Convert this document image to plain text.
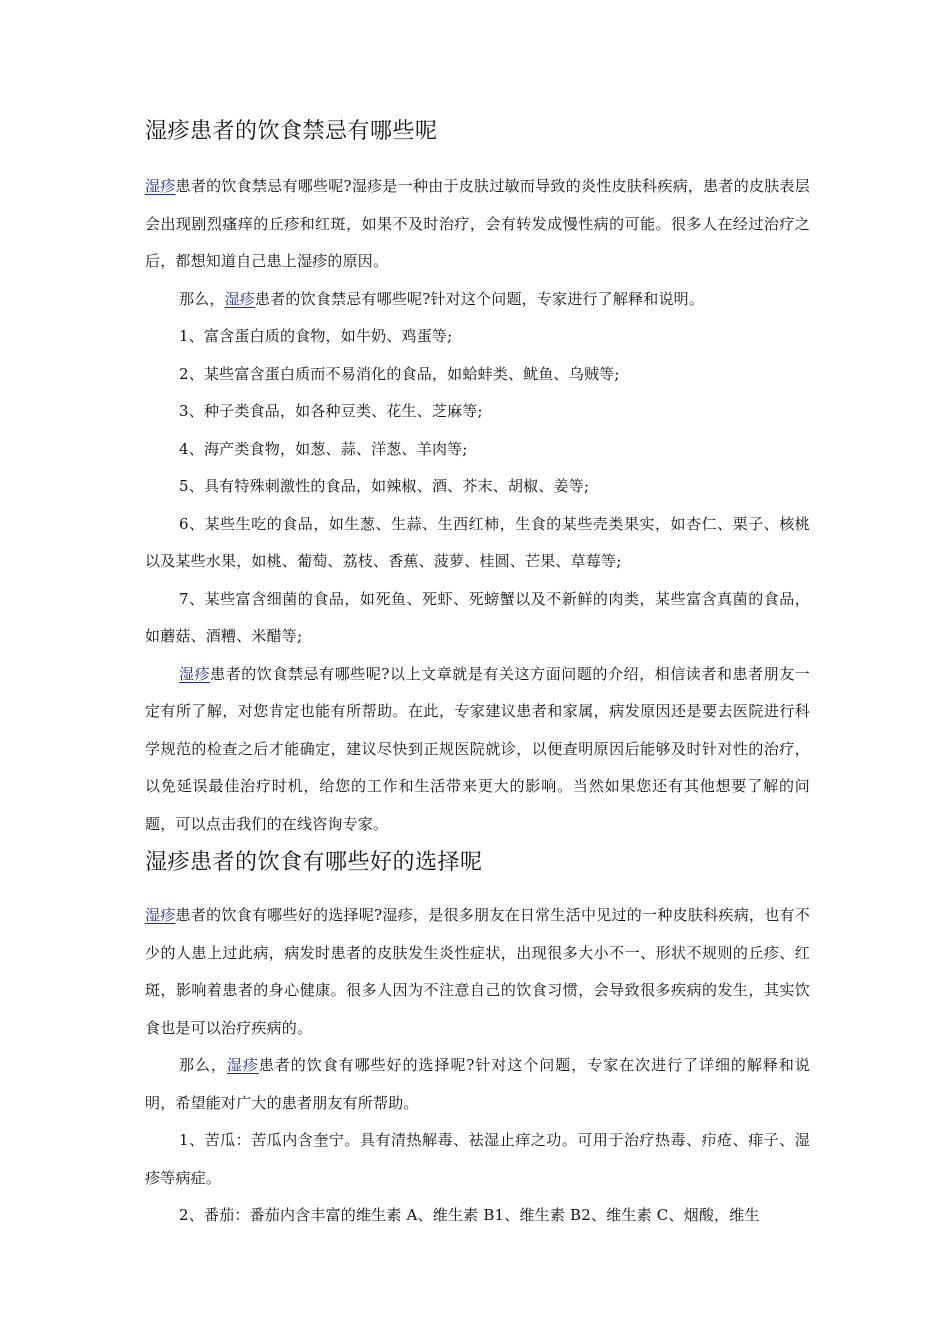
湿疹患者的饮食禁忌有哪些呢

湿疹患者的饮食禁忌有哪些呢?湿疹是一种由于皮肤过敏而导致的炎性皮肤科疾病，患者的皮肤表层会出现剧烈瘙痒的丘疹和红斑，如果不及时治疗，会有转发成慢性病的可能。很多人在经过治疗之后，都想知道自己患上湿疹的原因。

那么，湿疹患者的饮食禁忌有哪些呢?针对这个问题，专家进行了解释和说明。

1、富含蛋白质的食物，如牛奶、鸡蛋等;

2、某些富含蛋白质而不易消化的食品，如蛤蚌类、鱿鱼、乌贼等;

3、种子类食品，如各种豆类、花生、芝麻等;

4、海产类食物，如葱、蒜、洋葱、羊肉等;

5、具有特殊刺激性的食品，如辣椒、酒、芥末、胡椒、姜等;

6、某些生吃的食品，如生葱、生蒜、生西红柿，生食的某些壳类果实，如杏仁、栗子、核桃以及某些水果，如桃、葡萄、荔枝、香蕉、菠萝、桂圆、芒果、草莓等;

7、某些富含细菌的食品，如死鱼、死虾、死螃蟹以及不新鲜的肉类，某些富含真菌的食品，如蘑菇、酒糟、米醋等;

湿疹患者的饮食禁忌有哪些呢?以上文章就是有关这方面问题的介绍，相信读者和患者朋友一定有所了解，对您肯定也能有所帮助。在此，专家建议患者和家属，病发原因还是要去医院进行科学规范的检查之后才能确定，建议尽快到正规医院就诊，以便查明原因后能够及时针对性的治疗，以免延误最佳治疗时机，给您的工作和生活带来更大的影响。当然如果您还有其他想要了解的问题，可以点击我们的在线咨询专家。

湿疹患者的饮食有哪些好的选择呢

湿疹患者的饮食有哪些好的选择呢?湿疹，是很多朋友在日常生活中见过的一种皮肤科疾病，也有不少的人患上过此病，病发时患者的皮肤发生炎性症状，出现很多大小不一、形状不规则的丘疹、红斑，影响着患者的身心健康。很多人因为不注意自己的饮食习惯，会导致很多疾病的发生，其实饮食也是可以治疗疾病的。

那么，湿疹患者的饮食有哪些好的选择呢?针对这个问题，专家在次进行了详细的解释和说明，希望能对广大的患者朋友有所帮助。

1、苦瓜：苦瓜内含奎宁。具有清热解毒、祛湿止痒之功。可用于治疗热毒、疖疮、痱子、湿疹等病症。

2、番茄：番茄内含丰富的维生素 A、维生素 B1、维生素 B2、维生素 C、烟酸，维生
